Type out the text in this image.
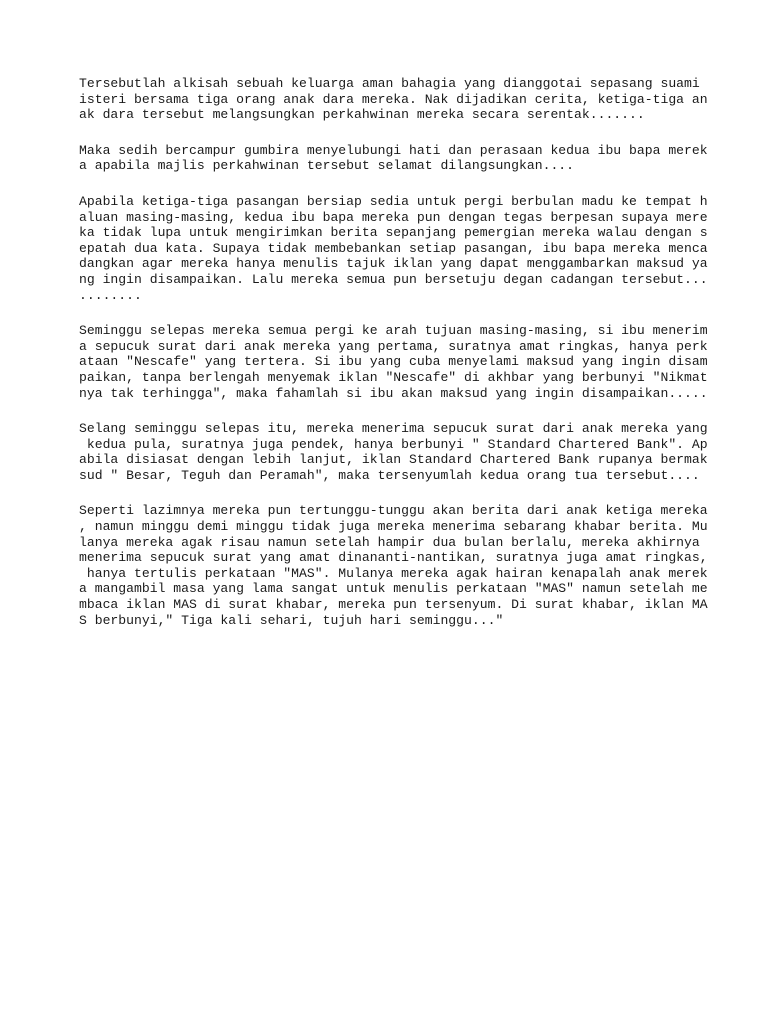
Tersebutlah alkisah sebuah keluarga aman bahagia yang dianggotai sepasang suami
isteri bersama tiga orang anak dara mereka. Nak dijadikan cerita, ketiga-tiga an
ak dara tersebut melangsungkan perkahwinan mereka secara serentak.......
Maka sedih bercampur gumbira menyelubungi hati dan perasaan kedua ibu bapa merek
a apabila majlis perkahwinan tersebut selamat dilangsungkan....
Apabila ketiga-tiga pasangan bersiap sedia untuk pergi berbulan madu ke tempat h
aluan masing-masing, kedua ibu bapa mereka pun dengan tegas berpesan supaya mere
ka tidak lupa untuk mengirimkan berita sepanjang pemergian mereka walau dengan s
epatah dua kata. Supaya tidak membebankan setiap pasangan, ibu bapa mereka menca
dangkan agar mereka hanya menulis tajuk iklan yang dapat menggambarkan maksud ya
ng ingin disampaikan. Lalu mereka semua pun bersetuju degan cadangan tersebut...
........
Seminggu selepas mereka semua pergi ke arah tujuan masing-masing, si ibu menerim
a sepucuk surat dari anak mereka yang pertama, suratnya amat ringkas, hanya perk
ataan "Nescafe" yang tertera. Si ibu yang cuba menyelami maksud yang ingin disam
paikan, tanpa berlengah menyemak iklan "Nescafe" di akhbar yang berbunyi "Nikmat
nya tak terhingga", maka fahamlah si ibu akan maksud yang ingin disampaikan.....
Selang seminggu selepas itu, mereka menerima sepucuk surat dari anak mereka yang
kedua pula, suratnya juga pendek, hanya berbunyi " Standard Chartered Bank". Ap
abila disiasat dengan lebih lanjut, iklan Standard Chartered Bank rupanya bermak
sud " Besar, Teguh dan Peramah", maka tersenyumlah kedua orang tua tersebut....
Seperti lazimnya mereka pun tertunggu-tunggu akan berita dari anak ketiga mereka
, namun minggu demi minggu tidak juga mereka menerima sebarang khabar berita. Mu
lanya mereka agak risau namun setelah hampir dua bulan berlalu, mereka akhirnya
menerima sepucuk surat yang amat dinananti-nantikan, suratnya juga amat ringkas,
hanya tertulis perkataan "MAS". Mulanya mereka agak hairan kenapalah anak merek
a mangambil masa yang lama sangat untuk menulis perkataan "MAS" namun setelah me
mbaca iklan MAS di surat khabar, mereka pun tersenyum. Di surat khabar, iklan MA
S berbunyi," Tiga kali sehari, tujuh hari seminggu..."
